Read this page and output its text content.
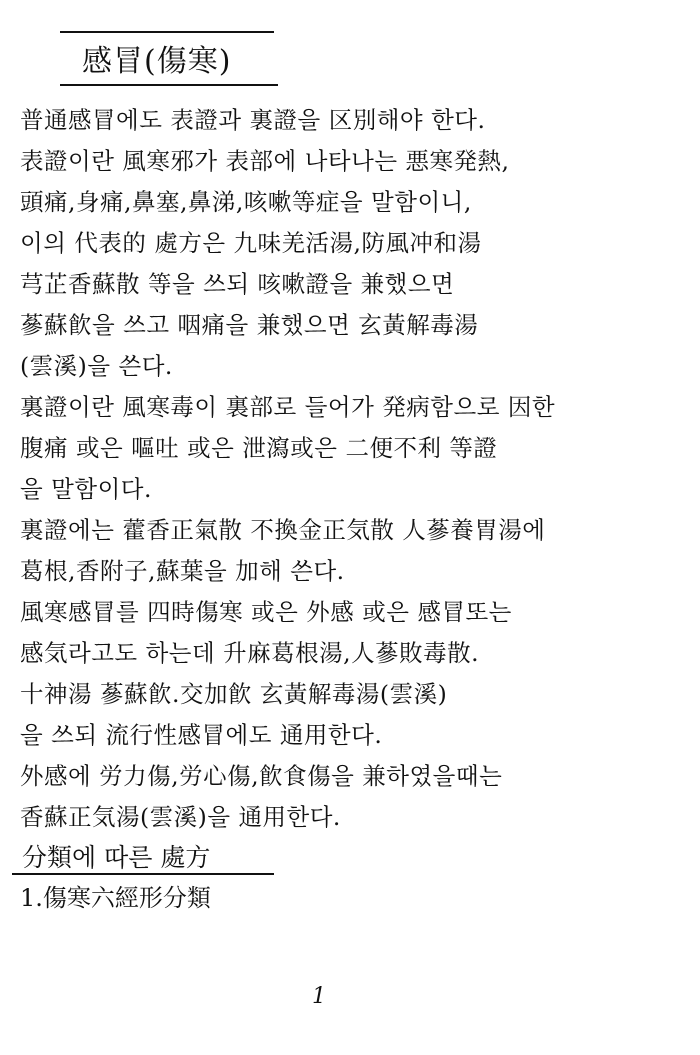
感冒(傷寒)
普通感冒에도 表證과 裏證을 区別해야 한다.
表證이란 風寒邪가 表部에 나타나는 悪寒発熱,
頭痛,身痛,鼻塞,鼻涕,咳嗽等症을 말함이니,
이의 代表的 處方은 九味羌活湯,防風冲和湯
芎芷香蘇散 等을 쓰되 咳嗽證을 兼했으면
蔘蘇飮을 쓰고 咽痛을 兼했으면 玄黃解毒湯
(雲溪)을 쓴다.
裏證이란 風寒毒이 裏部로 들어가 発病함으로 因한
腹痛 或은 嘔吐 或은 泄瀉或은 二便不利 等證
을 말함이다.
裏證에는 藿香正氣散 不換金正気散 人蔘養胃湯에
葛根,香附子,蘇葉을 加해 쓴다.
風寒感冒를 四時傷寒 或은 外感 或은 感冒또는
感気라고도 하는데 升麻葛根湯,人蔘敗毒散.
十神湯 蔘蘇飮.交加飮 玄黃解毒湯(雲溪)
을 쓰되 流行性感冒에도 通用한다.
外感에 労力傷,労心傷,飮食傷을 兼하였을때는
香蘇正気湯(雲溪)을 通用한다.
分類에 따른 處方
1.傷寒六經形分類
1
